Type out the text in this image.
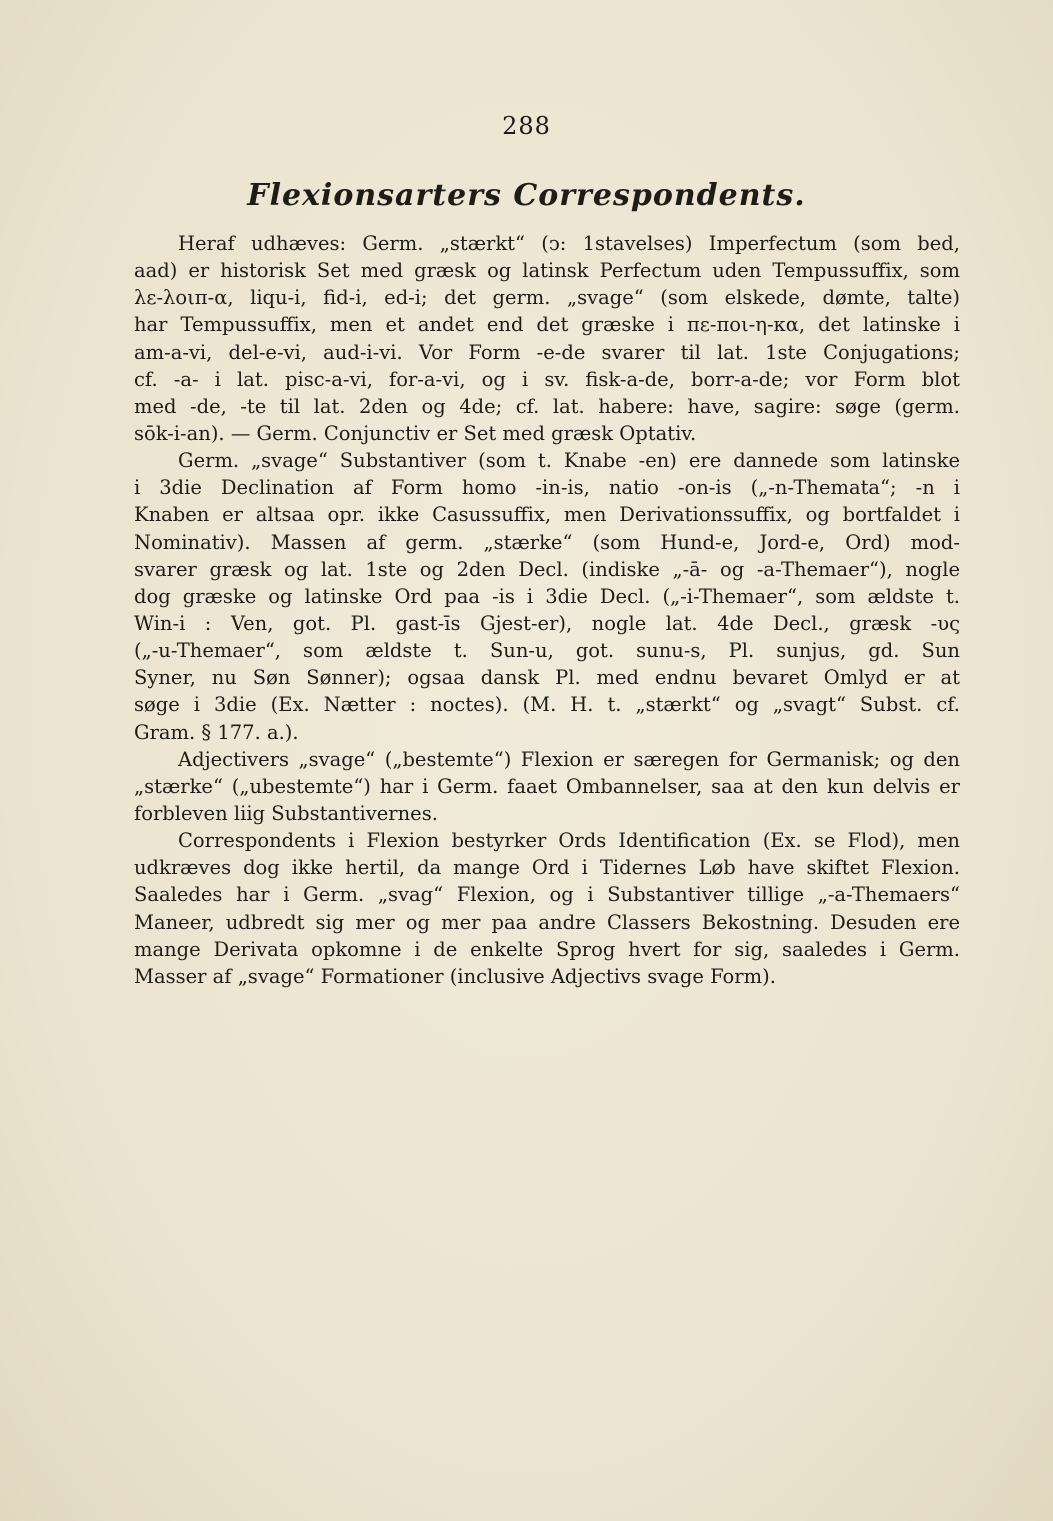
288
Flexionsarters Correspondents.
Heraf udhæves: Germ. „stærkt“ (ↄ: 1stavelses) Imperfectum (som bed,
aad) er historisk Set med græsk og latinsk Perfectum uden Tempussuffix, som
λε-λοιπ-α, liqu-i, fid-i, ed-i; det germ. „svage“ (som elskede, dømte, talte)
har Tempussuffix, men et andet end det græske i πε-ποι-η-κα, det latinske i
am-a-vi, del-e-vi, aud-i-vi. Vor Form -e-de svarer til lat. 1ste Conjugations;
cf. -a- i lat. pisc-a-vi, for-a-vi, og i sv. fisk-a-de, borr-a-de; vor Form blot
med -de, -te til lat. 2den og 4de; cf. lat. habere: have, sagire: søge (germ.
sōk-i-an). — Germ. Conjunctiv er Set med græsk Optativ.
Germ. „svage“ Substantiver (som t. Knabe -en) ere dannede som latinske
i 3die Declination af Form homo -in-is, natio -on-is („-n-Themata“; -n i
Knaben er altsaa opr. ikke Casussuffix, men Derivationssuffix, og bortfaldet i
Nominativ). Massen af germ. „stærke“ (som Hund-e, Jord-e, Ord) mod-
svarer græsk og lat. 1ste og 2den Decl. (indiske „-ā- og -a-Themaer“), nogle
dog græske og latinske Ord paa -is i 3die Decl. („-i-Themaer“, som ældste t.
Win-i : Ven, got. Pl. gast-īs Gjest-er), nogle lat. 4de Decl., græsk -υς
(„-u-Themaer“, som ældste t. Sun-u, got. sunu-s, Pl. sunjus, gd. Sun
Syner, nu Søn Sønner); ogsaa dansk Pl. med endnu bevaret Omlyd er at
søge i 3die (Ex. Nætter : noctes). (M. H. t. „stærkt“ og „svagt“ Subst. cf.
Gram. § 177. a.).
Adjectivers „svage“ („bestemte“) Flexion er særegen for Germanisk; og den
„stærke“ („ubestemte“) har i Germ. faaet Ombannelser, saa at den kun delvis er
forbleven liig Substantivernes.
Correspondents i Flexion bestyrker Ords Identification (Ex. se Flod), men
udkræves dog ikke hertil, da mange Ord i Tidernes Løb have skiftet Flexion.
Saaledes har i Germ. „svag“ Flexion, og i Substantiver tillige „-a-Themaers“
Maneer, udbredt sig mer og mer paa andre Classers Bekostning. Desuden ere
mange Derivata opkomne i de enkelte Sprog hvert for sig, saaledes i Germ.
Masser af „svage“ Formationer (inclusive Adjectivs svage Form).
